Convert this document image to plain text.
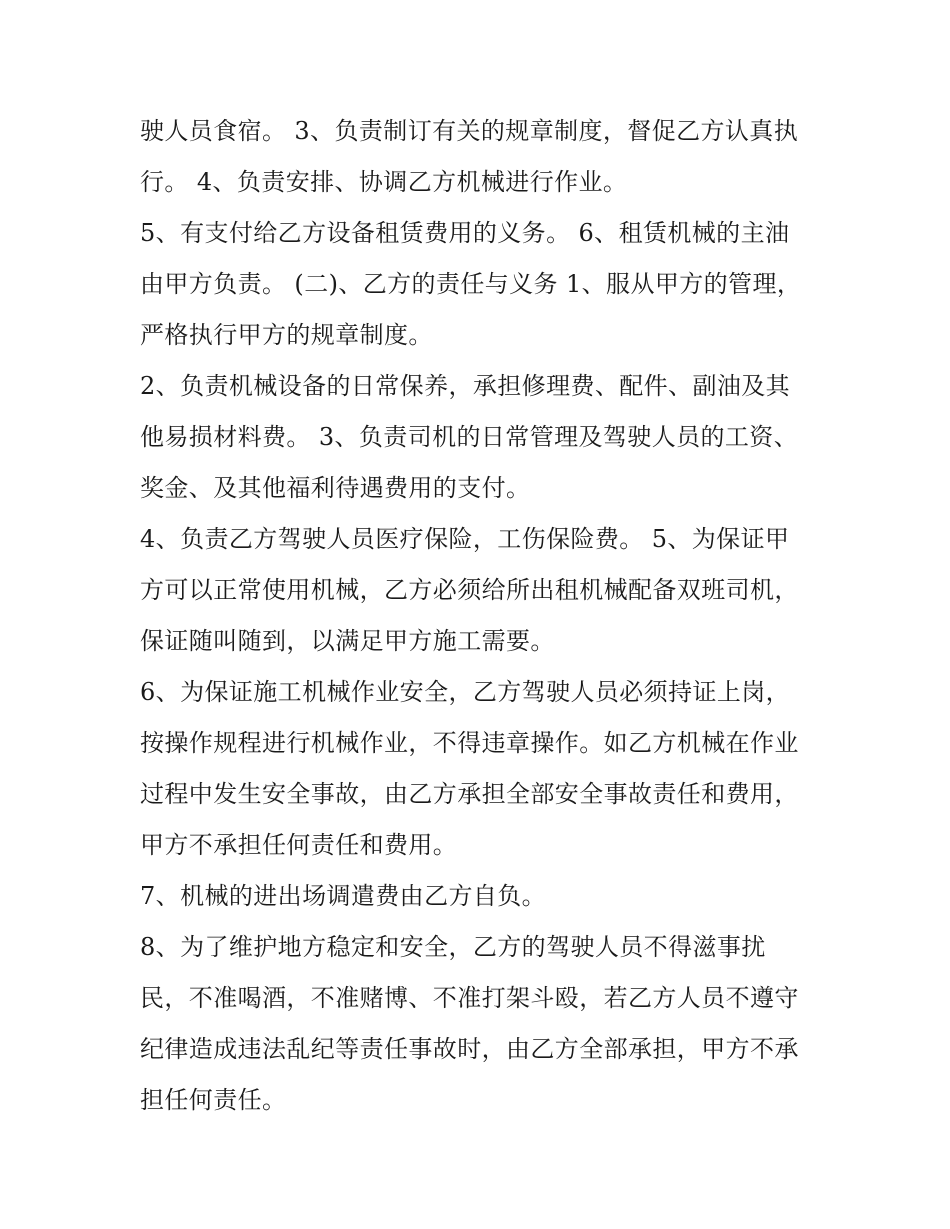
驶人员食宿。 3、负责制订有关的规章制度，督促乙方认真执
行。 4、负责安排、协调乙方机械进行作业。
5、有支付给乙方设备租赁费用的义务。 6、租赁机械的主油
由甲方负责。 (二)、乙方的责任与义务 1、服从甲方的管理，
严格执行甲方的规章制度。
2、负责机械设备的日常保养，承担修理费、配件、副油及其
他易损材料费。 3、负责司机的日常管理及驾驶人员的工资、
奖金、及其他福利待遇费用的支付。
4、负责乙方驾驶人员医疗保险，工伤保险费。 5、为保证甲
方可以正常使用机械，乙方必须给所出租机械配备双班司机，
保证随叫随到，以满足甲方施工需要。
6、为保证施工机械作业安全，乙方驾驶人员必须持证上岗，
按操作规程进行机械作业，不得违章操作。如乙方机械在作业
过程中发生安全事故，由乙方承担全部安全事故责任和费用，
甲方不承担任何责任和费用。
7、机械的进出场调遣费由乙方自负。
8、为了维护地方稳定和安全，乙方的驾驶人员不得滋事扰
民，不准喝酒，不准赌博、不准打架斗殴，若乙方人员不遵守
纪律造成违法乱纪等责任事故时，由乙方全部承担，甲方不承
担任何责任。
